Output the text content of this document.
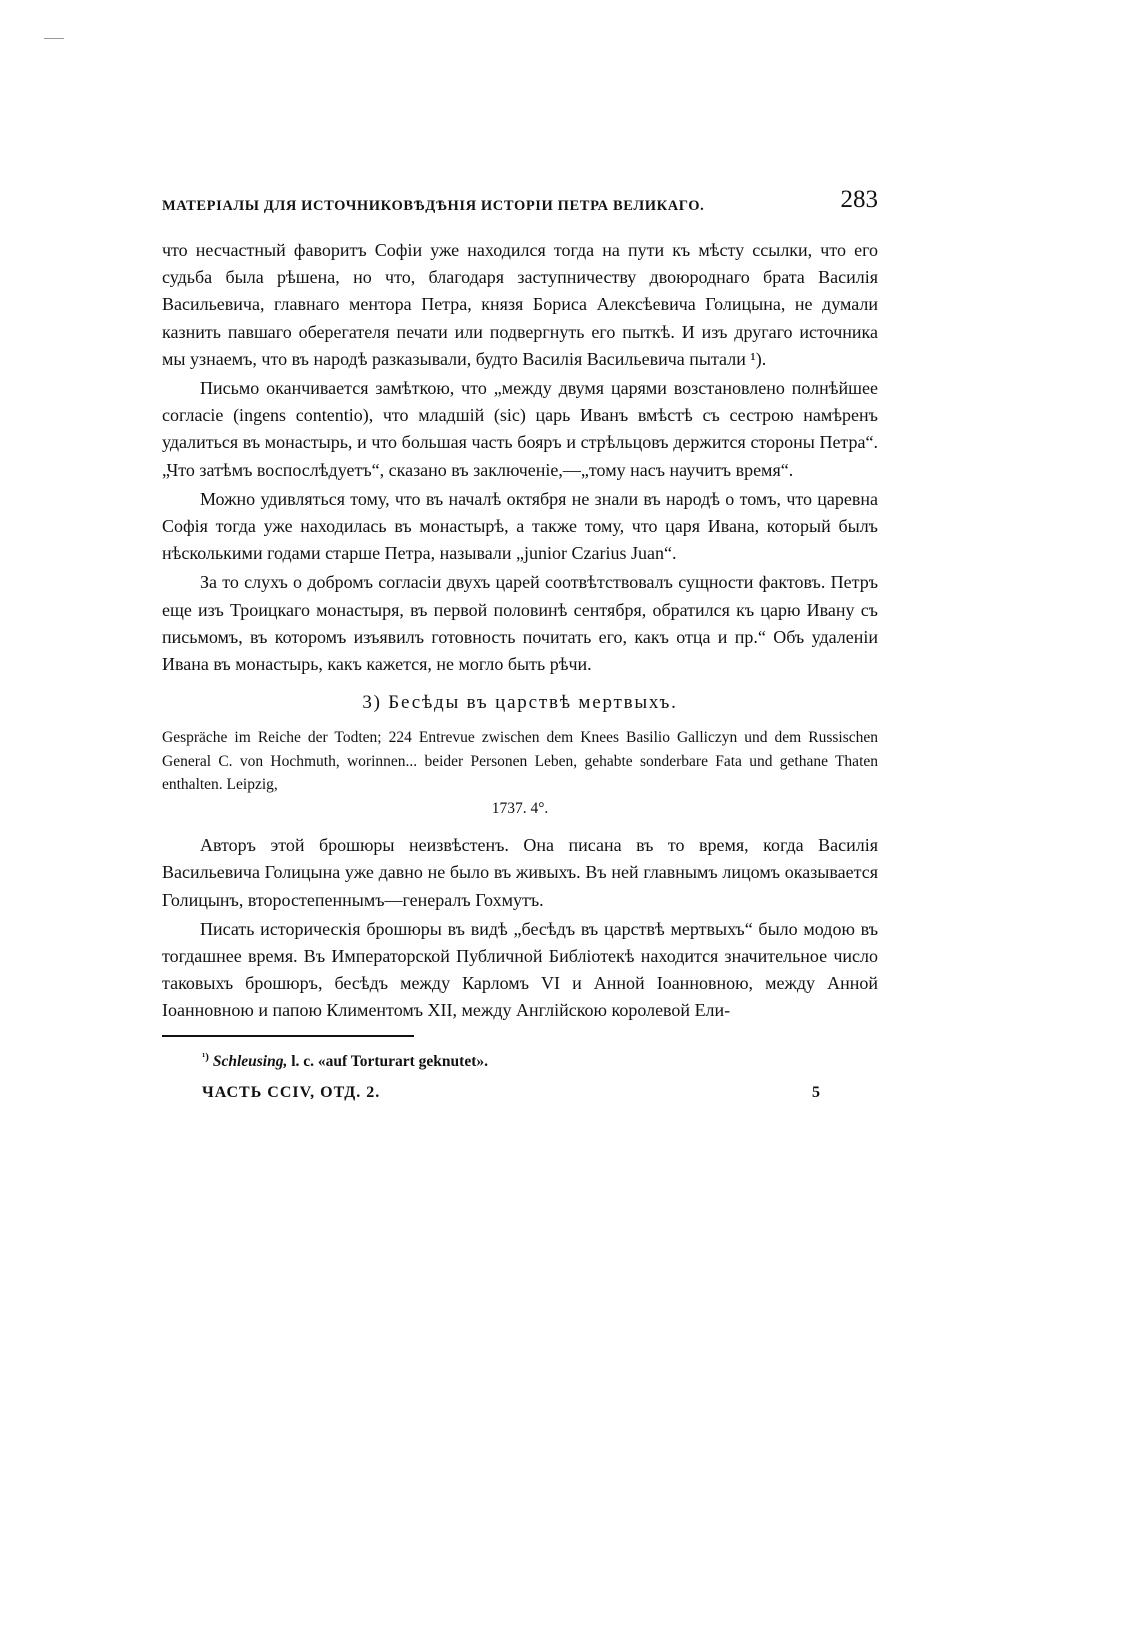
МАТЕРІАЛЫ ДЛЯ ИСТОЧНИКОВѢДѢНІЯ ИСТОРІИ ПЕТРА ВЕЛИКАГО.	283

что несчастный фаворитъ Софіи уже находился тогда на пути къ мѣсту ссылки, что его судьба была рѣшена, но что, благодаря заступничеству двоюроднаго брата Василія Васильевича, главнаго ментора Петра, князя Бориса Алексѣевича Голицына, не думали казнить павшаго оберегателя печати или подвергнуть его пыткѣ. И изъ другаго источника мы узнаемъ, что въ народѣ разказывали, будто Василія Васильевича пытали ¹).

Письмо оканчивается замѣткою, что „между двумя царями возстановлено полнѣйшее согласіе (ingens contentio), что младшій (sic) царь Иванъ вмѣстѣ съ сестрою намѣренъ удалиться въ монастырь, и что большая часть бояръ и стрѣльцовъ держится стороны Петра“. „Что затѣмъ воспослѣдуетъ“, сказано въ заключеніе,—„тому насъ научитъ время“.

Можно удивляться тому, что въ началѣ октября не знали въ народѣ о томъ, что царевна Софія тогда уже находилась въ монастырѣ, а также тому, что царя Ивана, который былъ нѣсколькими годами старше Петра, называли „junior Czarius Juan“.

За то слухъ о добромъ согласіи двухъ царей соотвѣтствовалъ сущности фактовъ. Петръ еще изъ Троицкаго монастыря, въ первой половинѣ сентября, обратился къ царю Ивану съ письмомъ, въ которомъ изъявилъ готовность почитать его, какъ отца и пр.“ Объ удаленіи Ивана въ монастырь, какъ кажется, не могло быть рѣчи.

3) Бесѣды въ царствѣ мертвыхъ.
Gespräche im Reiche der Todten; 224 Entrevue zwischen dem Knees Basilio Galliczyn und dem Russischen General C. von Hochmuth, worinnen... beider Personen Leben, gehabte sonderbare Fata und gethane Thaten enthalten. Leipzig,
1737. 4°.

Авторъ этой брошюры неизвѣстенъ. Она писана въ то время, когда Василія Васильевича Голицына уже давно не было въ живыхъ. Въ ней главнымъ лицомъ оказывается Голицынъ, второстепеннымъ—генералъ Гохмутъ.

Писать историческія брошюры въ видѣ „бесѣдъ въ царствѣ мертвыхъ“ было модою въ тогдашнее время. Въ Императорской Публичной Библіотекѣ находится значительное число таковыхъ брошюръ, бесѣдъ между Карломъ VI и Анной Іоанновною, между Анной Іоанновною и папою Климентомъ XII, между Англійскою королевой Ели-

$^{^1)}$ Schleusing, l. c. «auf Torturart geknutet».

ЧАСТЬ CCIV, ОТД. 2.	5
